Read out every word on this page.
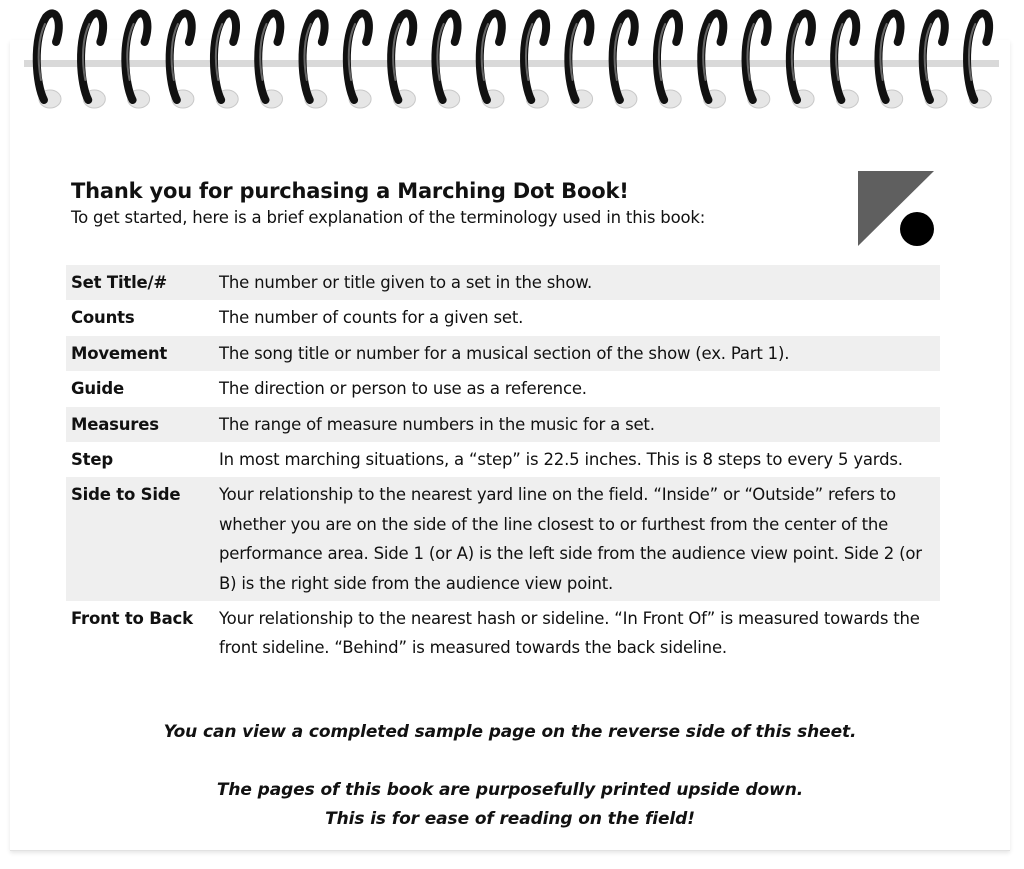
You can view a completed sample page on the reverse side of this sheet.
The pages of this book are purposefully printed upside down.
This is for ease of reading on the field!
Thank you for purchasing a Marching Dot Book!

To get started, here is a brief explanation of the terminology used in this book:

Set Title/#	The number or title given to a set in the show.
Counts	The number of counts for a given set.
Movement	The song title or number for a musical section of the show (ex. Part 1).
Guide	The direction or person to use as a reference.
Measures	The range of measure numbers in the music for a set.
Step	In most marching situations, a “step” is 22.5 inches. This is 8 steps to every 5 yards.
Side to Side	Your relationship to the nearest yard line on the field. “Inside” or “Outside” refers to whether you are on the side of the line closest to or furthest from the center of the performance area. Side 1 (or A) is the left side from the audience view point. Side 2 (or B) is the right side from the audience view point.
Front to Back	Your relationship to the nearest hash or sideline. “In Front Of” is measured towards the front sideline. “Behind” is measured towards the back sideline.
